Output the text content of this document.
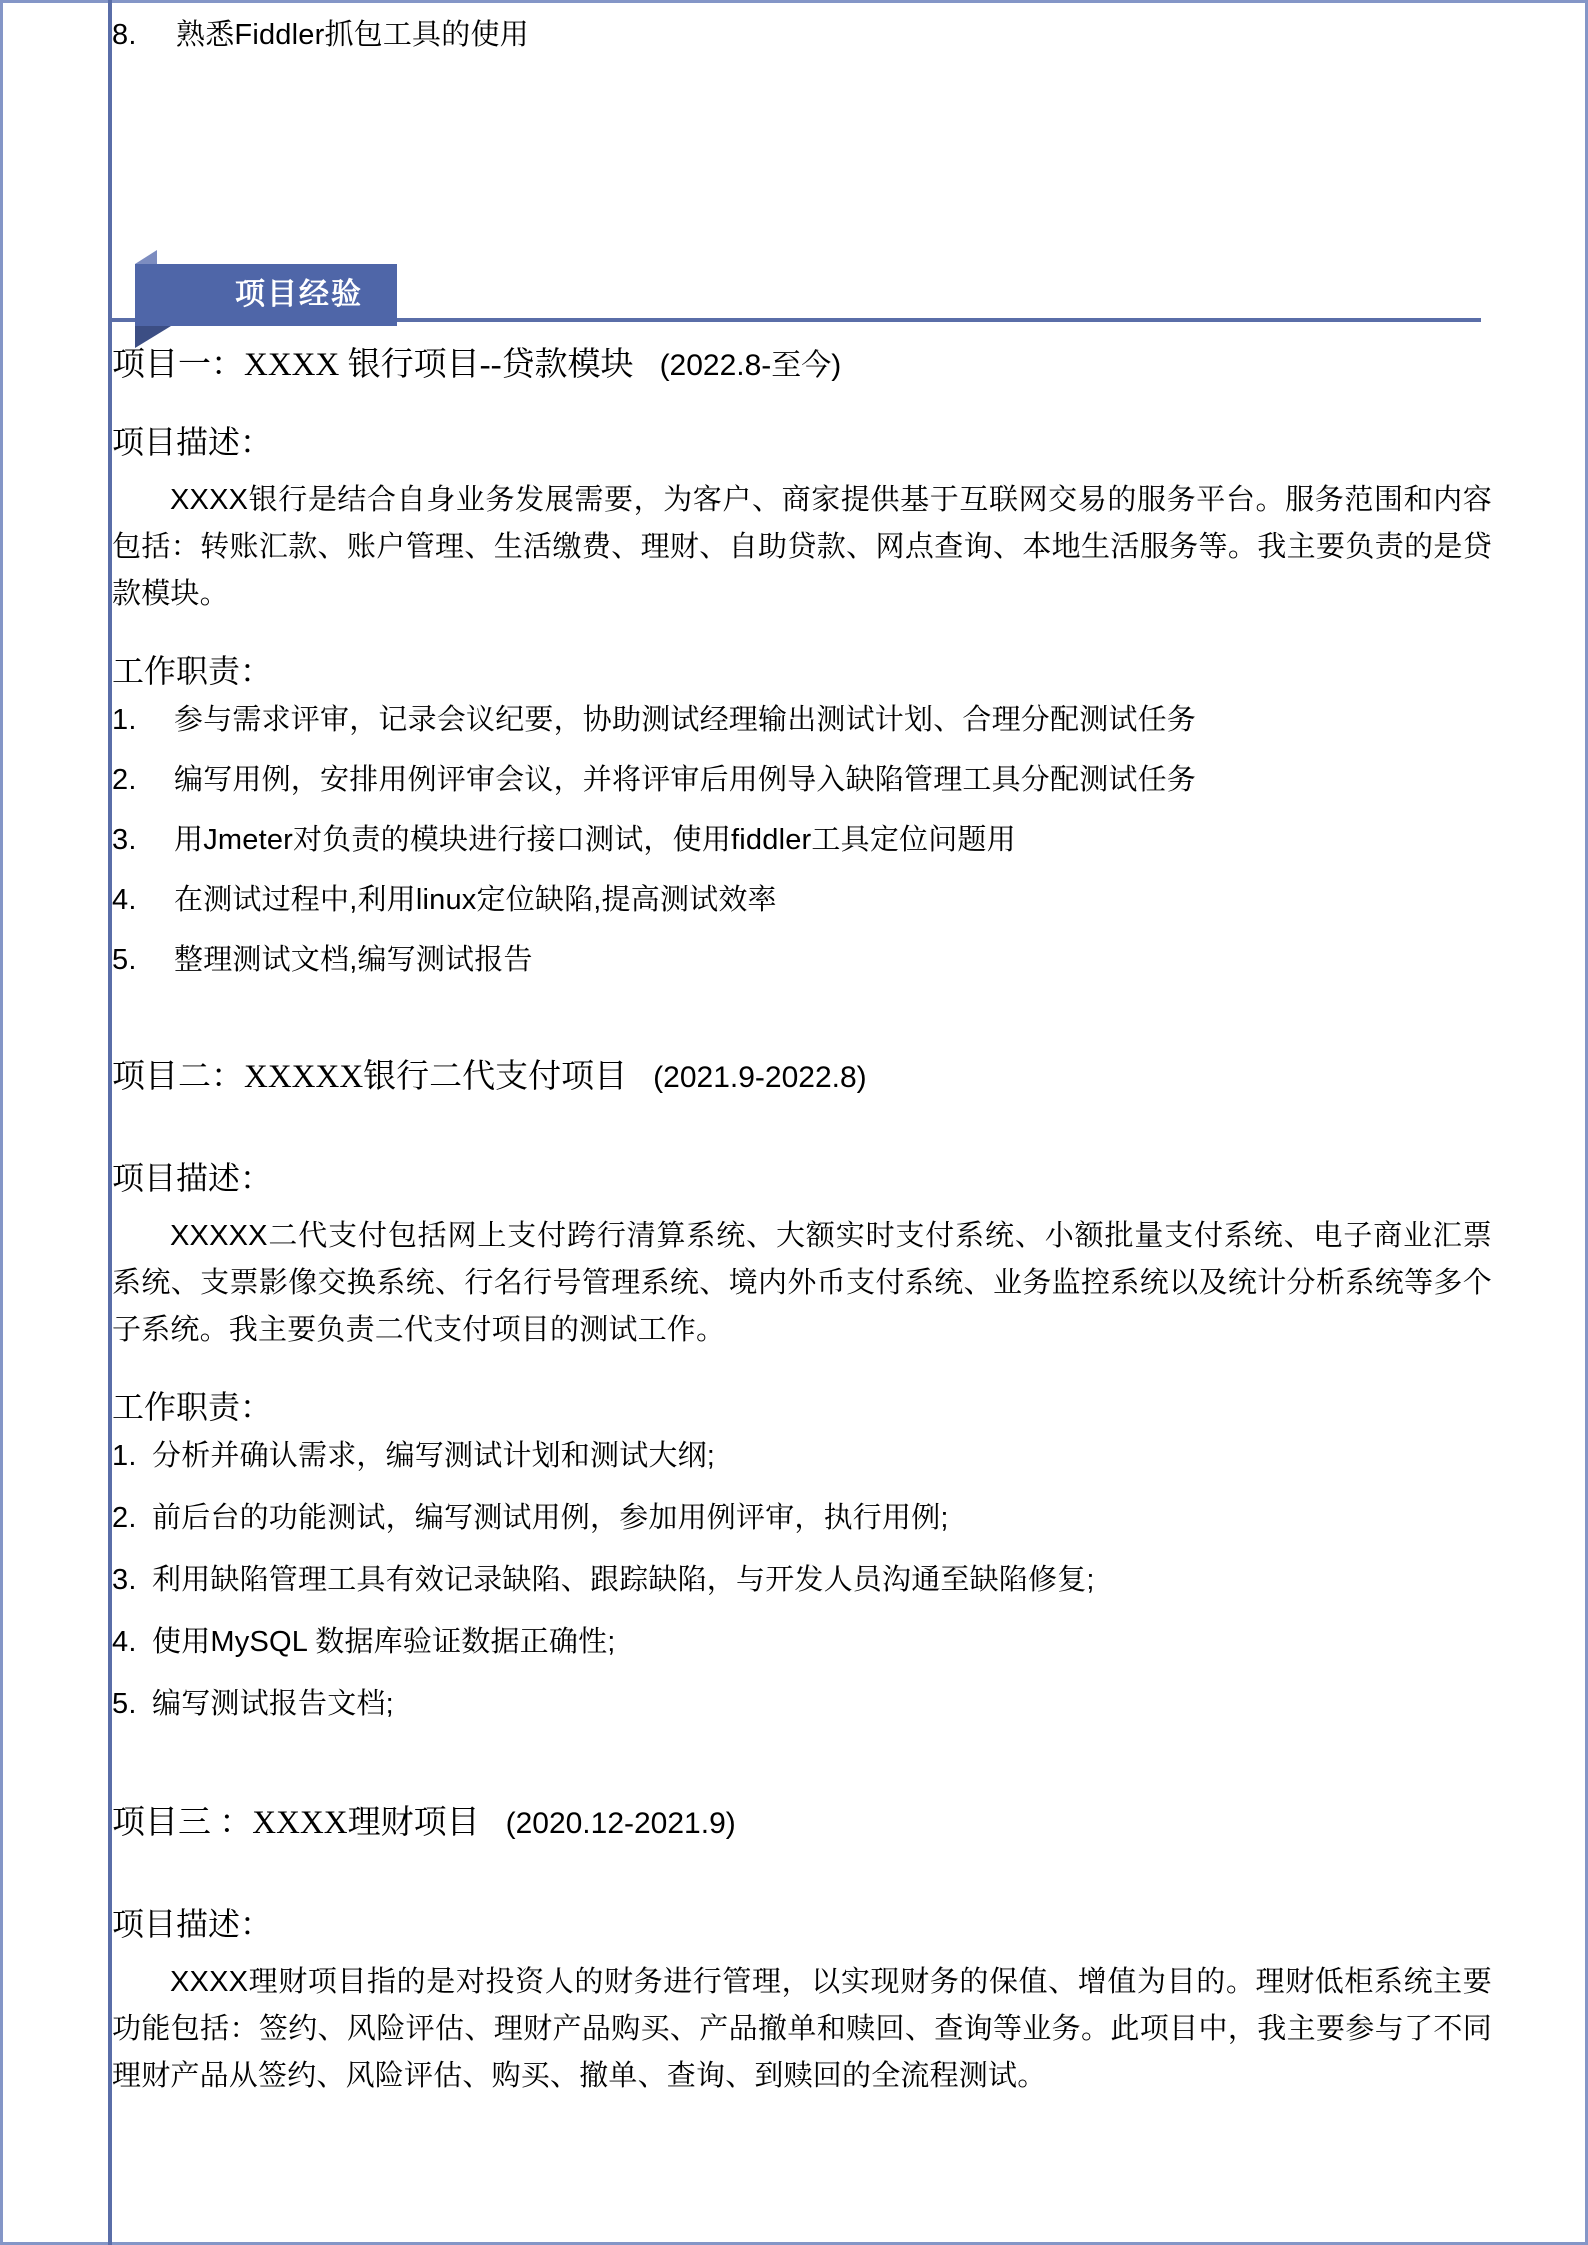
8. 熟悉Fiddler抓包工具的使用
项目经验
项目一：XXXX 银行项目--贷款模块 (2022.8-至今)
项目描述：

XXXX银行是结合自身业务发展需要，为客户、商家提供基于互联网交易的服务平台。服务范围和内容包括：转账汇款、账户管理、生活缴费、理财、自助贷款、网点查询、本地生活服务等。我主要负责的是贷款模块。

工作职责：
1. 参与需求评审，记录会议纪要，协助测试经理输出测试计划、合理分配测试任务
2. 编写用例，安排用例评审会议，并将评审后用例导入缺陷管理工具分配测试任务
3. 用Jmeter对负责的模块进行接口测试，使用fiddler工具定位问题用
4. 在测试过程中,利用linux定位缺陷,提高测试效率
5. 整理测试文档,编写测试报告
项目二：XXXXX银行二代支付项目 (2021.9-2022.8)
项目描述：

XXXXX二代支付包括网上支付跨行清算系统、大额实时支付系统、小额批量支付系统、电子商业汇票系统、支票影像交换系统、行名行号管理系统、境内外币支付系统、业务监控系统以及统计分析系统等多个子系统。我主要负责二代支付项目的测试工作。

工作职责：
1. 分析并确认需求，编写测试计划和测试大纲;
2. 前后台的功能测试，编写测试用例，参加用例评审，执行用例;
3. 利用缺陷管理工具有效记录缺陷、跟踪缺陷，与开发人员沟通至缺陷修复;
4. 使用MySQL 数据库验证数据正确性;
5. 编写测试报告文档;
项目三 ：XXXX理财项目 (2020.12-2021.9)
项目描述：

XXXX理财项目指的是对投资人的财务进行管理，以实现财务的保值、增值为目的。理财低柜系统主要功能包括：签约、风险评估、理财产品购买、产品撤单和赎回、查询等业务。此项目中，我主要参与了不同理财产品从签约、风险评估、购买、撤单、查询、到赎回的全流程测试。
